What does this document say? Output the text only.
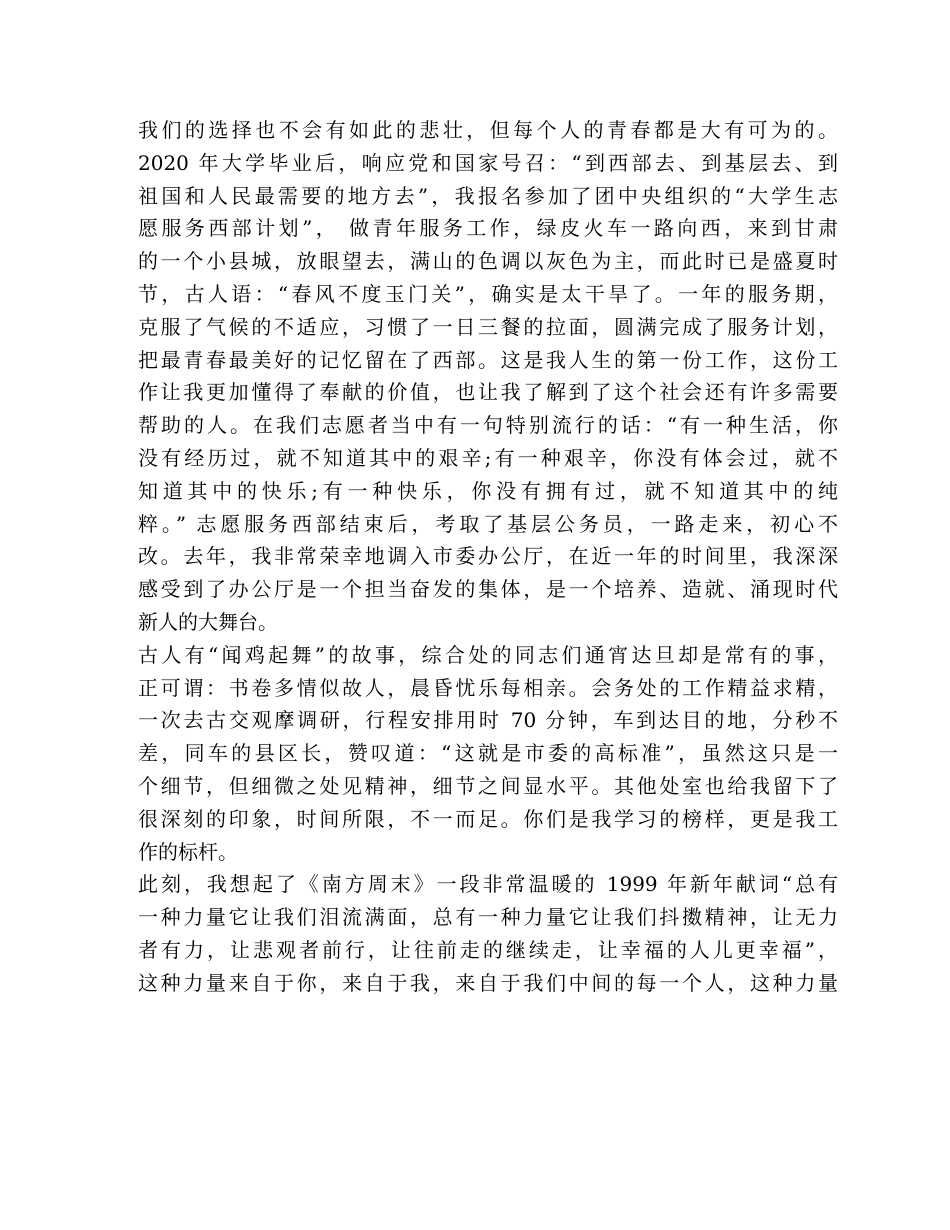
我们的选择也不会有如此的悲壮，但每个人的青春都是大有可为的。
2020 年大学毕业后，响应党和国家号召：“到西部去、到基层去、到
祖国和人民最需要的地方去”，我报名参加了团中央组织的“大学生志
愿服务西部计划”， 做青年服务工作，绿皮火车一路向西，来到甘肃
的一个小县城，放眼望去，满山的色调以灰色为主，而此时已是盛夏时
节，古人语：“春风不度玉门关”，确实是太干旱了。一年的服务期，
克服了气候的不适应，习惯了一日三餐的拉面，圆满完成了服务计划，
把最青春最美好的记忆留在了西部。这是我人生的第一份工作，这份工
作让我更加懂得了奉献的价值，也让我了解到了这个社会还有许多需要
帮助的人。在我们志愿者当中有一句特别流行的话：“有一种生活，你
没有经历过，就不知道其中的艰辛;有一种艰辛，你没有体会过，就不
知道其中的快乐;有一种快乐，你没有拥有过，就不知道其中的纯
粹。” 志愿服务西部结束后，考取了基层公务员，一路走来，初心不
改。去年，我非常荣幸地调入市委办公厅，在近一年的时间里，我深深
感受到了办公厅是一个担当奋发的集体，是一个培养、造就、涌现时代
新人的大舞台。
古人有“闻鸡起舞”的故事，综合处的同志们通宵达旦却是常有的事，
正可谓：书卷多情似故人，晨昏忧乐每相亲。会务处的工作精益求精，
一次去古交观摩调研，行程安排用时 70 分钟，车到达目的地，分秒不
差，同车的县区长，赞叹道：“这就是市委的高标准”，虽然这只是一
个细节，但细微之处见精神，细节之间显水平。其他处室也给我留下了
很深刻的印象，时间所限，不一而足。你们是我学习的榜样，更是我工
作的标杆。
此刻，我想起了《南方周末》一段非常温暖的 1999 年新年献词“总有
一种力量它让我们泪流满面，总有一种力量它让我们抖擞精神，让无力
者有力，让悲观者前行，让往前走的继续走，让幸福的人儿更幸福”，
这种力量来自于你，来自于我，来自于我们中间的每一个人，这种力量
